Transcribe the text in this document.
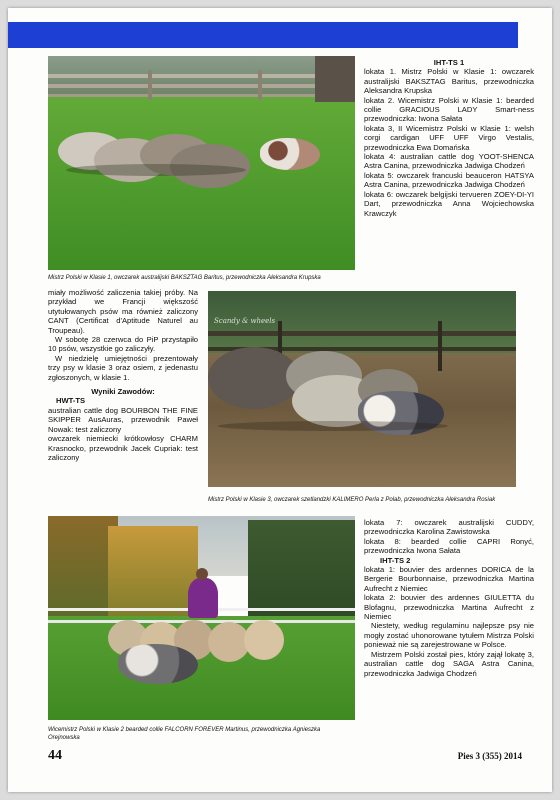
Mistrz Polski w Klasie 1, owczarek australijski BAKSZTAG Baritus, przewodniczka Aleksandra Krupska
IHT-TS 1

lokata 1. Mistrz Polski w Klasie 1: owczarek australijski BAKSZTAG Baritus, przewodniczka Aleksandra Krupska

lokata 2. Wicemistrz Polski w Klasie 1: bearded collie GRACIOUS LADY Smart-ness przewodniczka: Iwona Sałata

lokata 3, II Wicemistrz Polski w Klasie 1: welsh corgi cardigan UFF UFF Virgo Vestalis, przewodniczka Ewa Domańska

lokata 4: australian cattle dog YOOT-SHENCA Astra Canina, przewodniczka Jadwiga Chodzeń

lokata 5: owczarek francuski beauceron HATSYA Astra Canina, przewodniczka Jadwiga Chodzeń

lokata 6: owczarek belgijski tervueren ZOEY-DI-YI Dart, przewodniczka Anna Wojciechowska Krawczyk

miały możliwość zaliczenia takiej próby. Na przykład we Francji większość utytułowanych psów ma również zaliczony CANT (Certificat d'Aptitude Naturel au Troupeau).

W sobotę 28 czerwca do PiP przystąpiło 10 psów, wszystkie go zaliczyły.

W niedzielę umiejętności prezentowały trzy psy w klasie 3 oraz osiem, z jedenastu zgłoszonych, w klasie 1.

Wyniki Zawodów:
HWT-TS

australian cattle dog BOURBON THE FINE SKIPPER AusAuras, przewodnik Paweł Nowak: test zaliczony

owczarek niemiecki krótkowłosy CHARM Krasnocko, przewodnik Jacek Cupriak: test zaliczony

Scandy & wheels
Mistrz Polski w Klasie 3, owczarek szetlandzki KALIMERO Perla z Polab, przewodniczka Aleksandra Rosiak
Wicemistrz Polski w Klasie 2 bearded collie FALCORN FOREVER Martinus, przewodniczka Agnieszka Orejnowska

lokata 7: owczarek australijski CUDDY, przewodniczka Karolina Zawistowska

lokata 8: bearded collie CAPRI Ronyć, przewodniczka Iwona Sałata

IHT-TS 2

lokata 1: bouvier des ardennes DORICA de la Bergerie Bourbonnaise, przewodniczka Martina Aufrecht z Niemiec

lokata 2: bouvier des ardennes GIULETTA du Blofagnu, przewodniczka Martina Aufrecht z Niemiec

Niestety, według regulaminu najlepsze psy nie mogły zostać uhonorowane tytułem Mistrza Polski ponieważ nie są zarejestrowane w Polsce.

Mistrzem Polski został pies, który zajął lokatę 3, australian cattle dog SAGA Astra Canina, przewodniczka Jadwiga Chodzeń

44	Pies 3 (355) 2014
